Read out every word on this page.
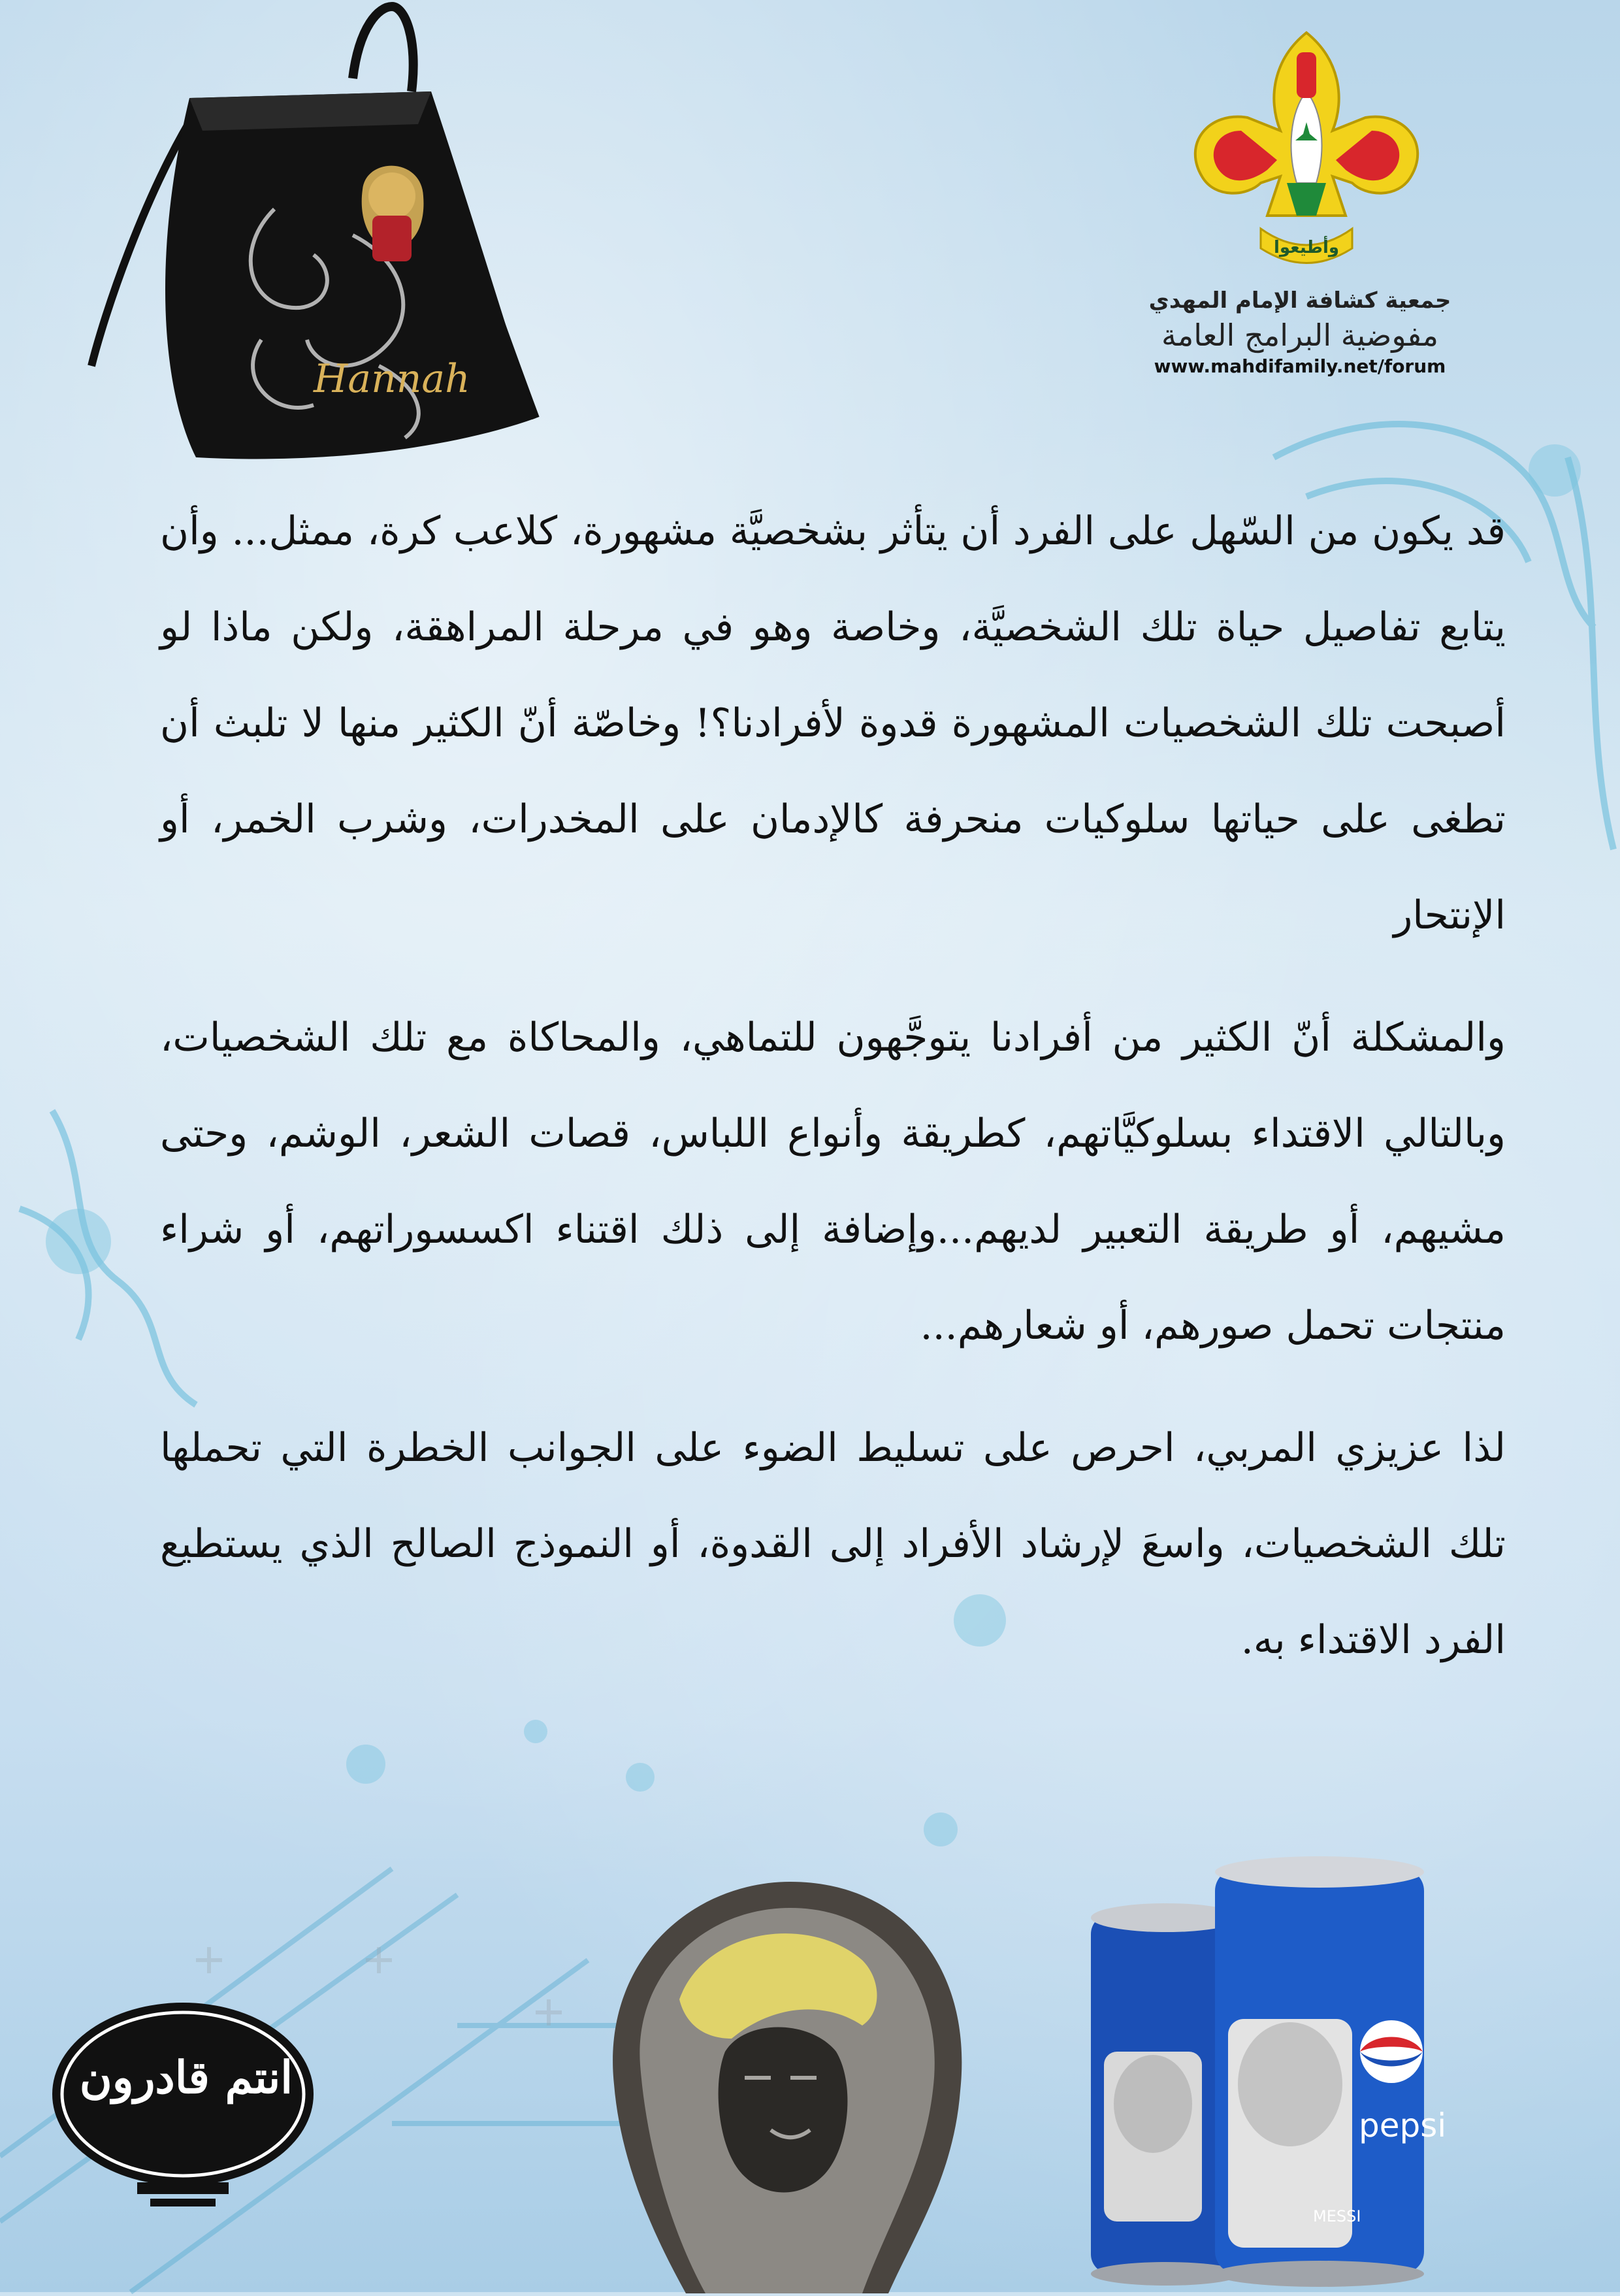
وأطيعوا
جمعية كشافة الإمام المهدي
مفوضية البرامج العامة
www.mahdifamily.net/forum
Hannah

قد يكون من السّهل على الفرد أن يتأثر بشخصيَّة مشهورة، كلاعب كرة، ممثل... وأن يتابع تفاصيل حياة تلك الشخصيَّة، وخاصة وهو في مرحلة المراهقة، ولكن ماذا لو أصبحت تلك الشخصيات المشهورة قدوة لأفرادنا؟! وخاصّة أنّ الكثير منها لا تلبث أن تطغى على حياتها سلوكيات منحرفة كالإدمان على المخدرات، وشرب الخمر، أو الإنتحار

والمشكلة أنّ الكثير من أفرادنا يتوجَّهون للتماهي، والمحاكاة مع تلك الشخصيات، وبالتالي الاقتداء بسلوكيَّاتهم، كطريقة وأنواع اللباس، قصات الشعر، الوشم، وحتى مشيهم، أو طريقة التعبير لديهم...وإضافة إلى ذلك اقتناء اكسسوراتهم، أو شراء منتجات تحمل صورهم، أو شعارهم...

لذا عزيزي المربي، احرص على تسليط الضوء على الجوانب الخطرة التي تحملها تلك الشخصيات، واسعَ لإرشاد الأفراد إلى القدوة، أو النموذج الصالح الذي يستطيع الفرد الاقتداء به.

انتم قادرون
pepsi
MESSI
